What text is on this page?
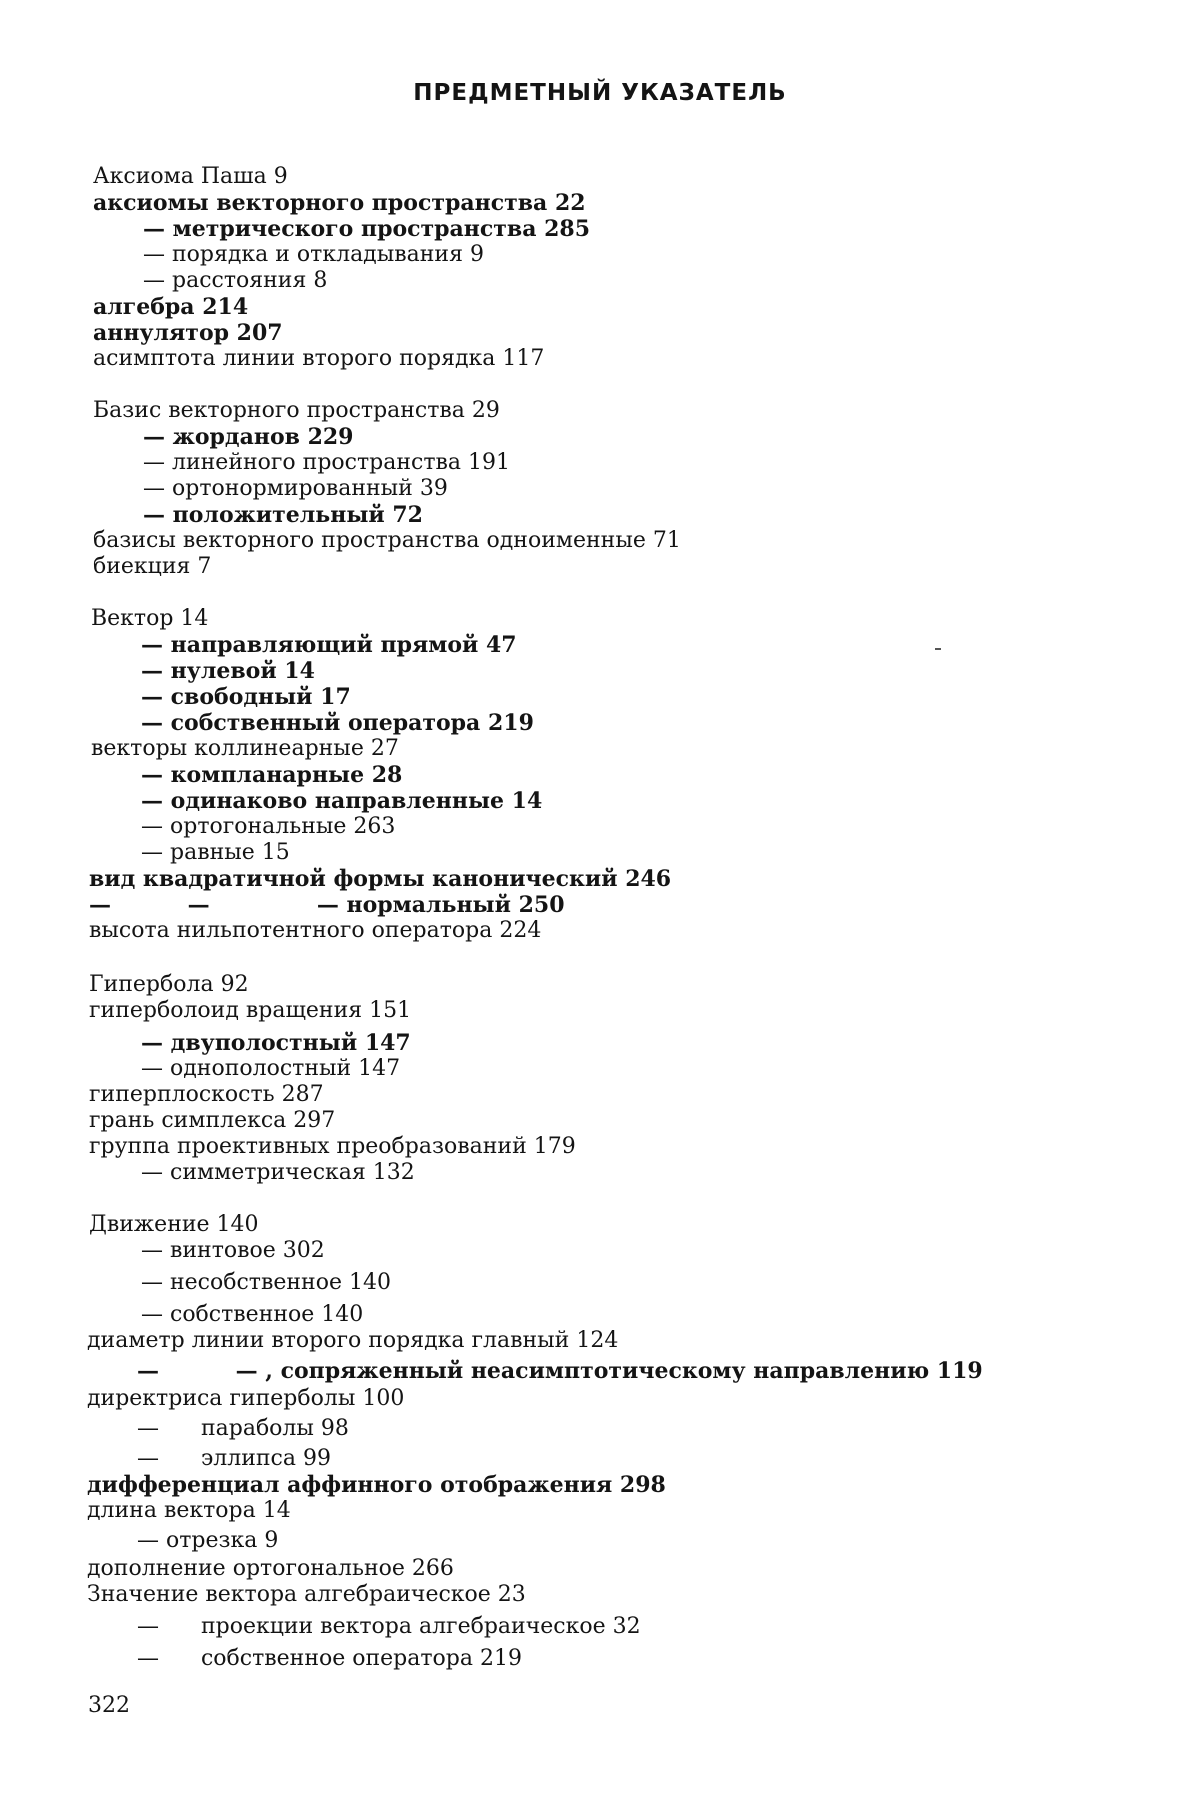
ПРЕДМЕТНЫЙ УКАЗАТЕЛЬ
Аксиома Паша 9
аксиомы векторного пространства 22
— метрического пространства 285
— порядка и откладывания 9
— расстояния 8
алгебра 214
аннулятор 207
асимптота линии второго порядка 117
Базис векторного пространства 29
— жорданов 229
— линейного пространства 191
— ортонормированный 39
— положительный 72
базисы векторного пространства одноименные 71
биекция 7
Вектор 14
— направляющий прямой 47
— нулевой 14
— свободный 17
— собственный оператора 219
векторы коллинеарные 27
— компланарные 28
— одинаково направленные 14
— ортогональные 263
— равные 15
вид квадратичной формы канонический 246
—          —              — нормальный 250
высота нильпотентного оператора 224
Гипербола 92
гиперболоид вращения 151
— двуполостный 147
— однополостный 147
гиперплоскость 287
грань симплекса 297
группа проективных преобразований 179
— симметрическая 132
Движение 140
— винтовое 302
— несобственное 140
— собственное 140
диаметр линии второго порядка главный 124
—          — , сопряженный неасимптотическому направлению 119
директриса гиперболы 100
—      параболы 98
—      эллипса 99
дифференциал аффинного отображения 298
длина вектора 14
— отрезка 9
дополнение ортогональное 266
Значение вектора алгебраическое 23
—      проекции вектора алгебраическое 32
—      собственное оператора 219
322
